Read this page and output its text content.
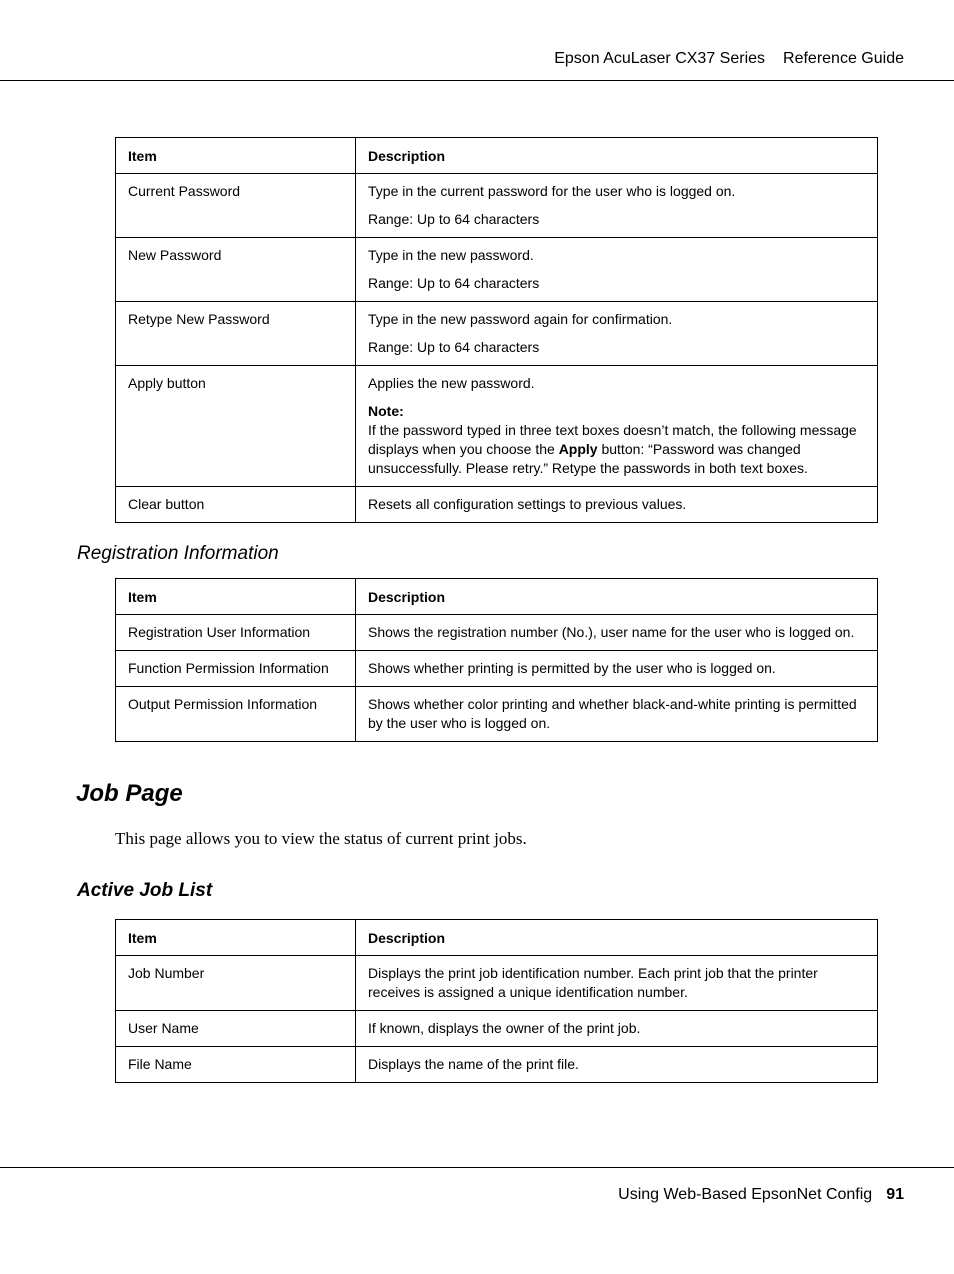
Epson AcuLaser CX37 Series Reference Guide
Item	Description
Current Password	Type in the current password for the user who is logged on.

Range: Up to 64 characters

New Password	Type in the new password.

Range: Up to 64 characters

Retype New Password	Type in the new password again for confirmation.

Range: Up to 64 characters

Apply button	Applies the new password.

Note:
If the password typed in three text boxes doesn’t match, the following message displays when you choose the Apply button: “Password was changed unsuccessfully. Please retry.” Retype the passwords in both text boxes.
Clear button	Resets all configuration settings to previous values.
Registration Information
Item	Description
Registration User Information	Shows the registration number (No.), user name for the user who is logged on.
Function Permission Information	Shows whether printing is permitted by the user who is logged on.
Output Permission Information	Shows whether color printing and whether black-and-white printing is permitted by the user who is logged on.
Job Page
This page allows you to view the status of current print jobs.
Active Job List
Item	Description
Job Number	Displays the print job identification number. Each print job that the printer receives is assigned a unique identification number.
User Name	If known, displays the owner of the print job.
File Name	Displays the name of the print file.
Using Web-Based EpsonNet Config 91
